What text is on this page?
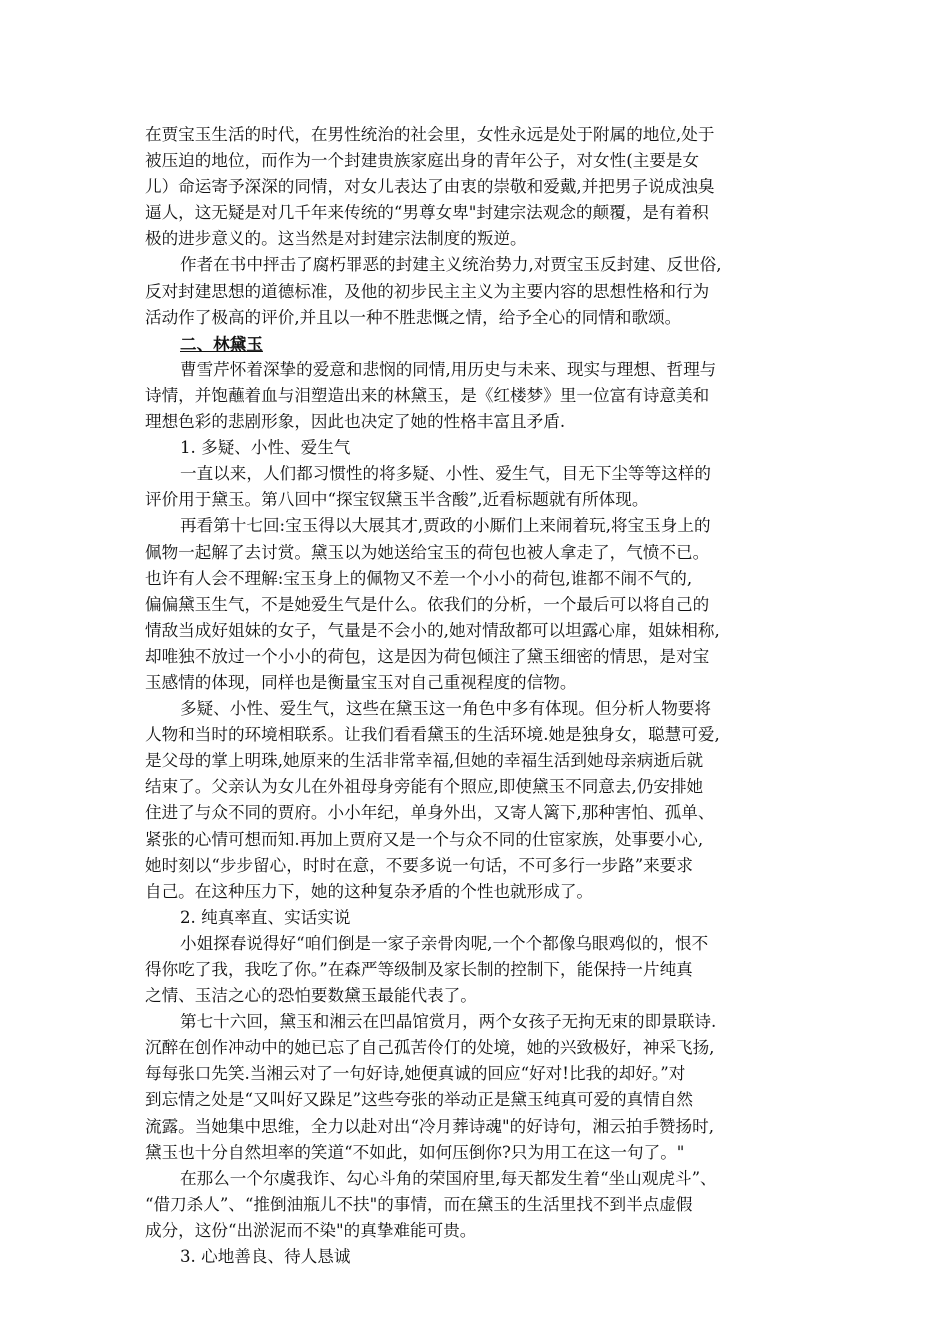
在贾宝玉生活的时代，在男性统治的社会里，女性永远是处于附属的地位,处于
被压迫的地位，而作为一个封建贵族家庭出身的青年公子，对女性(主要是女
儿）命运寄予深深的同情，对女儿表达了由衷的崇敬和爱戴,并把男子说成浊臭
逼人，这无疑是对几千年来传统的“男尊女卑"封建宗法观念的颠覆，是有着积
极的进步意义的。这当然是对封建宗法制度的叛逆。
作者在书中抨击了腐朽罪恶的封建主义统治势力,对贾宝玉反封建、反世俗,
反对封建思想的道德标准，及他的初步民主主义为主要内容的思想性格和行为
活动作了极高的评价,并且以一种不胜悲慨之情，给予全心的同情和歌颂。
二、林黛玉
曹雪芹怀着深挚的爱意和悲悯的同情,用历史与未来、现实与理想、哲理与
诗情，并饱蘸着血与泪塑造出来的林黛玉，是《红楼梦》里一位富有诗意美和
理想色彩的悲剧形象，因此也决定了她的性格丰富且矛盾.
1. 多疑、小性、爱生气
一直以来，人们都习惯性的将多疑、小性、爱生气，目无下尘等等这样的
评价用于黛玉。第八回中“探宝钗黛玉半含酸”,近看标题就有所体现。
再看第十七回:宝玉得以大展其才,贾政的小厮们上来闹着玩,将宝玉身上的
佩物一起解了去讨赏。黛玉以为她送给宝玉的荷包也被人拿走了，气愤不已。
也许有人会不理解:宝玉身上的佩物又不差一个小小的荷包,谁都不闹不气的,
偏偏黛玉生气，不是她爱生气是什么。依我们的分析，一个最后可以将自己的
情敌当成好姐妹的女子，气量是不会小的,她对情敌都可以坦露心扉，姐妹相称,
却唯独不放过一个小小的荷包，这是因为荷包倾注了黛玉细密的情思，是对宝
玉感情的体现，同样也是衡量宝玉对自己重视程度的信物。
多疑、小性、爱生气，这些在黛玉这一角色中多有体现。但分析人物要将
人物和当时的环境相联系。让我们看看黛玉的生活环境.她是独身女，聪慧可爱,
是父母的掌上明珠,她原来的生活非常幸福,但她的幸福生活到她母亲病逝后就
结束了。父亲认为女儿在外祖母身旁能有个照应,即使黛玉不同意去,仍安排她
住进了与众不同的贾府。小小年纪，单身外出，又寄人篱下,那种害怕、孤单、
紧张的心情可想而知.再加上贾府又是一个与众不同的仕宦家族，处事要小心,
她时刻以“步步留心，时时在意，不要多说一句话，不可多行一步路”来要求
自己。在这种压力下，她的这种复杂矛盾的个性也就形成了。
2. 纯真率直、实话实说
小姐探春说得好“咱们倒是一家子亲骨肉呢,一个个都像乌眼鸡似的，恨不
得你吃了我，我吃了你。”在森严等级制及家长制的控制下，能保持一片纯真
之情、玉洁之心的恐怕要数黛玉最能代表了。
第七十六回，黛玉和湘云在凹晶馆赏月，两个女孩子无拘无束的即景联诗.
沉醉在创作冲动中的她已忘了自己孤苦伶仃的处境，她的兴致极好，神采飞扬,
每每张口先笑.当湘云对了一句好诗,她便真诚的回应“好对!比我的却好。”对
到忘情之处是“又叫好又跺足”这些夸张的举动正是黛玉纯真可爱的真情自然
流露。当她集中思维，全力以赴对出“冷月葬诗魂"的好诗句，湘云拍手赞扬时,
黛玉也十分自然坦率的笑道“不如此，如何压倒你?只为用工在这一句了。"
在那么一个尔虞我诈、勾心斗角的荣国府里,每天都发生着“坐山观虎斗”、
“借刀杀人”、“推倒油瓶儿不扶"的事情，而在黛玉的生活里找不到半点虚假
成分，这份“出淤泥而不染"的真挚难能可贵。
3. 心地善良、待人恳诚
